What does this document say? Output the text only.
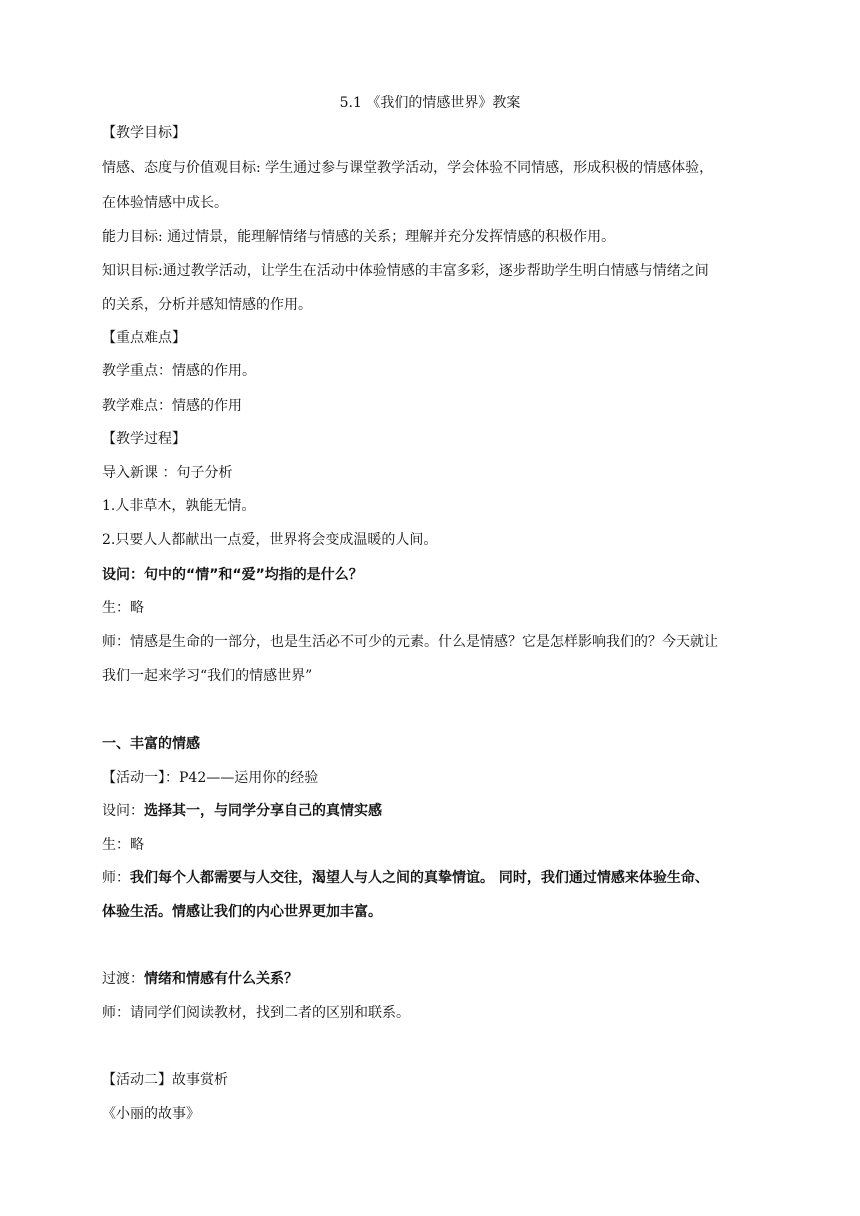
5.1 《我们的情感世界》教案
【教学目标】
情感、态度与价值观目标: 学生通过参与课堂教学活动，学会体验不同情感，形成积极的情感体验，
在体验情感中成长。
能力目标: 通过情景，能理解情绪与情感的关系；理解并充分发挥情感的积极作用。
知识目标:通过教学活动，让学生在活动中体验情感的丰富多彩，逐步帮助学生明白情感与情绪之间
的关系，分析并感知情感的作用。
【重点难点】
教学重点：情感的作用。
教学难点：情感的作用
【教学过程】
导入新课 ：句子分析
1.人非草木，孰能无情。
2.只要人人都献出一点爱，世界将会变成温暖的人间。
设问：句中的“情”和“爱”均指的是什么？
生：略
师：情感是生命的一部分，也是生活必不可少的元素。什么是情感？它是怎样影响我们的？今天就让
我们一起来学习“我们的情感世界”
一、丰富的情感
【活动一】：P42——运用你的经验
设问：选择其一，与同学分享自己的真情实感
生：略
师：我们每个人都需要与人交往，渴望人与人之间的真挚情谊。 同时，我们通过情感来体验生命、
体验生活。情感让我们的内心世界更加丰富。
过渡：情绪和情感有什么关系？
师：请同学们阅读教材，找到二者的区别和联系。
【活动二】故事赏析
《小丽的故事》
